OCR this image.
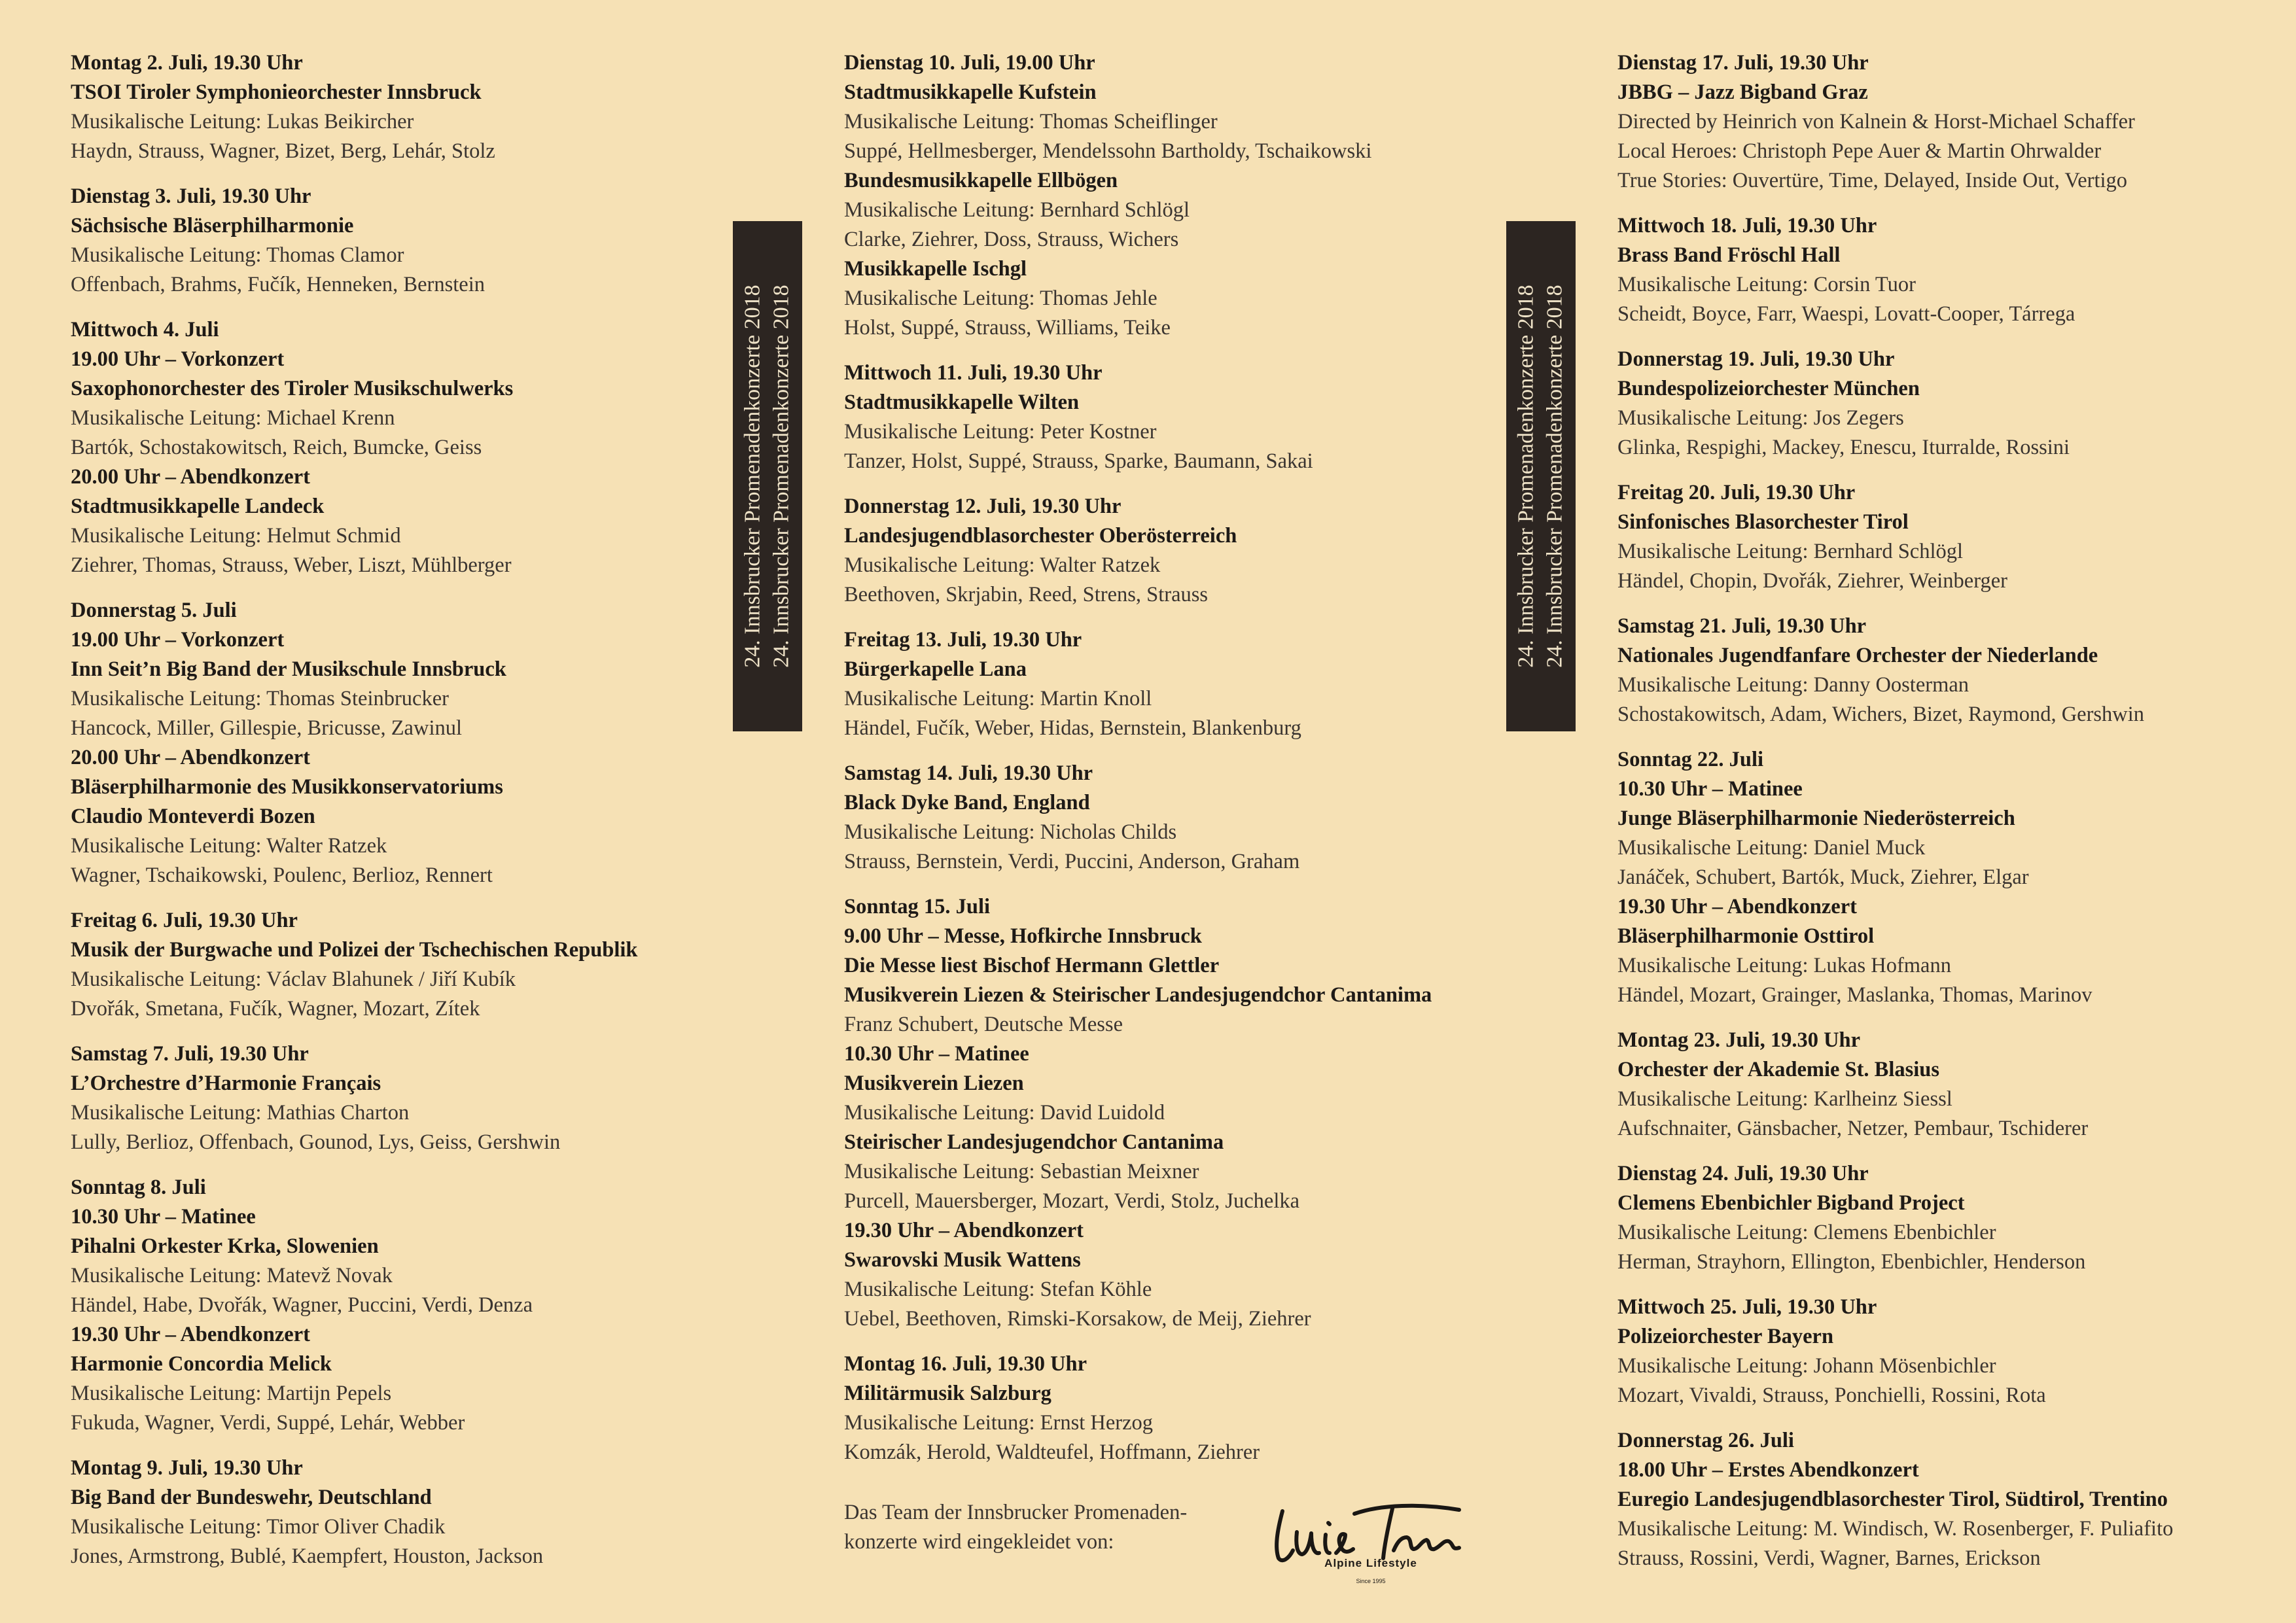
Montag 2. Juli, 19.30 Uhr
TSOI Tiroler Symphonieorchester Innsbruck
Musikalische Leitung: Lukas Beikircher
Haydn, Strauss, Wagner, Bizet, Berg, Lehár, Stolz
Dienstag 3. Juli, 19.30 Uhr
Sächsische Bläserphilharmonie
Musikalische Leitung: Thomas Clamor
Offenbach, Brahms, Fučík, Henneken, Bernstein
Mittwoch 4. Juli
19.00 Uhr – Vorkonzert
Saxophonorchester des Tiroler Musikschulwerks
Musikalische Leitung: Michael Krenn
Bartók, Schostakowitsch, Reich, Bumcke, Geiss
20.00 Uhr – Abendkonzert
Stadtmusikkapelle Landeck
Musikalische Leitung: Helmut Schmid
Ziehrer, Thomas, Strauss, Weber, Liszt, Mühlberger
Donnerstag 5. Juli
19.00 Uhr – Vorkonzert
Inn Seit’n Big Band der Musikschule Innsbruck
Musikalische Leitung: Thomas Steinbrucker
Hancock, Miller, Gillespie, Bricusse, Zawinul
20.00 Uhr – Abendkonzert
Bläserphilharmonie des Musikkonservatoriums
Claudio Monteverdi Bozen
Musikalische Leitung: Walter Ratzek
Wagner, Tschaikowski, Poulenc, Berlioz, Rennert
Freitag 6. Juli, 19.30 Uhr
Musik der Burgwache und Polizei der Tschechischen Republik
Musikalische Leitung: Václav Blahunek / Jiří Kubík
Dvořák, Smetana, Fučík, Wagner, Mozart, Zítek
Samstag 7. Juli, 19.30 Uhr
L’Orchestre d’Harmonie Français
Musikalische Leitung: Mathias Charton
Lully, Berlioz, Offenbach, Gounod, Lys, Geiss, Gershwin
Sonntag 8. Juli
10.30 Uhr – Matinee
Pihalni Orkester Krka, Slowenien
Musikalische Leitung: Matevž Novak
Händel, Habe, Dvořák, Wagner, Puccini, Verdi, Denza
19.30 Uhr – Abendkonzert
Harmonie Concordia Melick
Musikalische Leitung: Martijn Pepels
Fukuda, Wagner, Verdi, Suppé, Lehár, Webber
Montag 9. Juli, 19.30 Uhr
Big Band der Bundeswehr, Deutschland
Musikalische Leitung: Timor Oliver Chadik
Jones, Armstrong, Bublé, Kaempfert, Houston, Jackson
Dienstag 10. Juli, 19.00 Uhr
Stadtmusikkapelle Kufstein
Musikalische Leitung: Thomas Scheiflinger
Suppé, Hellmesberger, Mendelssohn Bartholdy, Tschaikowski
Bundesmusikkapelle Ellbögen
Musikalische Leitung: Bernhard Schlögl
Clarke, Ziehrer, Doss, Strauss, Wichers
Musikkapelle Ischgl
Musikalische Leitung: Thomas Jehle
Holst, Suppé, Strauss, Williams, Teike
Mittwoch 11. Juli, 19.30 Uhr
Stadtmusikkapelle Wilten
Musikalische Leitung: Peter Kostner
Tanzer, Holst, Suppé, Strauss, Sparke, Baumann, Sakai
Donnerstag 12. Juli, 19.30 Uhr
Landesjugendblasorchester Oberösterreich
Musikalische Leitung: Walter Ratzek
Beethoven, Skrjabin, Reed, Strens, Strauss
Freitag 13. Juli, 19.30 Uhr
Bürgerkapelle Lana
Musikalische Leitung: Martin Knoll
Händel, Fučík, Weber, Hidas, Bernstein, Blankenburg
Samstag 14. Juli, 19.30 Uhr
Black Dyke Band, England
Musikalische Leitung: Nicholas Childs
Strauss, Bernstein, Verdi, Puccini, Anderson, Graham
Sonntag 15. Juli
9.00 Uhr – Messe, Hofkirche Innsbruck
Die Messe liest Bischof Hermann Glettler
Musikverein Liezen & Steirischer Landesjugendchor Cantanima
Franz Schubert, Deutsche Messe
10.30 Uhr – Matinee
Musikverein Liezen
Musikalische Leitung: David Luidold
Steirischer Landesjugendchor Cantanima
Musikalische Leitung: Sebastian Meixner
Purcell, Mauersberger, Mozart, Verdi, Stolz, Juchelka
19.30 Uhr – Abendkonzert
Swarovski Musik Wattens
Musikalische Leitung: Stefan Köhle
Uebel, Beethoven, Rimski-Korsakow, de Meij, Ziehrer
Montag 16. Juli, 19.30 Uhr
Militärmusik Salzburg
Musikalische Leitung: Ernst Herzog
Komzák, Herold, Waldteufel, Hoffmann, Ziehrer
Dienstag 17. Juli, 19.30 Uhr
JBBG – Jazz Bigband Graz
Directed by Heinrich von Kalnein & Horst-Michael Schaffer
Local Heroes: Christoph Pepe Auer & Martin Ohrwalder
True Stories: Ouvertüre, Time, Delayed, Inside Out, Vertigo
Mittwoch 18. Juli, 19.30 Uhr
Brass Band Fröschl Hall
Musikalische Leitung: Corsin Tuor
Scheidt, Boyce, Farr, Waespi, Lovatt-Cooper, Tárrega
Donnerstag 19. Juli, 19.30 Uhr
Bundespolizeiorchester München
Musikalische Leitung: Jos Zegers
Glinka, Respighi, Mackey, Enescu, Iturralde, Rossini
Freitag 20. Juli, 19.30 Uhr
Sinfonisches Blasorchester Tirol
Musikalische Leitung: Bernhard Schlögl
Händel, Chopin, Dvořák, Ziehrer, Weinberger
Samstag 21. Juli, 19.30 Uhr
Nationales Jugendfanfare Orchester der Niederlande
Musikalische Leitung: Danny Oosterman
Schostakowitsch, Adam, Wichers, Bizet, Raymond, Gershwin
Sonntag 22. Juli
10.30 Uhr – Matinee
Junge Bläserphilharmonie Niederösterreich
Musikalische Leitung: Daniel Muck
Janáček, Schubert, Bartók, Muck, Ziehrer, Elgar
19.30 Uhr – Abendkonzert
Bläserphilharmonie Osttirol
Musikalische Leitung: Lukas Hofmann
Händel, Mozart, Grainger, Maslanka, Thomas, Marinov
Montag 23. Juli, 19.30 Uhr
Orchester der Akademie St. Blasius
Musikalische Leitung: Karlheinz Siessl
Aufschnaiter, Gänsbacher, Netzer, Pembaur, Tschiderer
Dienstag 24. Juli, 19.30 Uhr
Clemens Ebenbichler Bigband Project
Musikalische Leitung: Clemens Ebenbichler
Herman, Strayhorn, Ellington, Ebenbichler, Henderson
Mittwoch 25. Juli, 19.30 Uhr
Polizeiorchester Bayern
Musikalische Leitung: Johann Mösenbichler
Mozart, Vivaldi, Strauss, Ponchielli, Rossini, Rota
Donnerstag 26. Juli
18.00 Uhr – Erstes Abendkonzert
Euregio Landesjugendblasorchester Tirol, Südtirol, Trentino
Musikalische Leitung: M. Windisch, W. Rosenberger, F. Puliafito
Strauss, Rossini, Verdi, Wagner, Barnes, Erickson
24. Innsbrucker Promenadenkonzerte 2018 24. Innsbrucker Promenadenkonzerte 2018	24. Innsbrucker Promenadenkonzerte 2018 24. Innsbrucker Promenadenkonzerte 2018
Das Team der Innsbrucker Promenaden-
konzerte wird eingekleidet von:
Alpine Lifestyle
Since 1995
